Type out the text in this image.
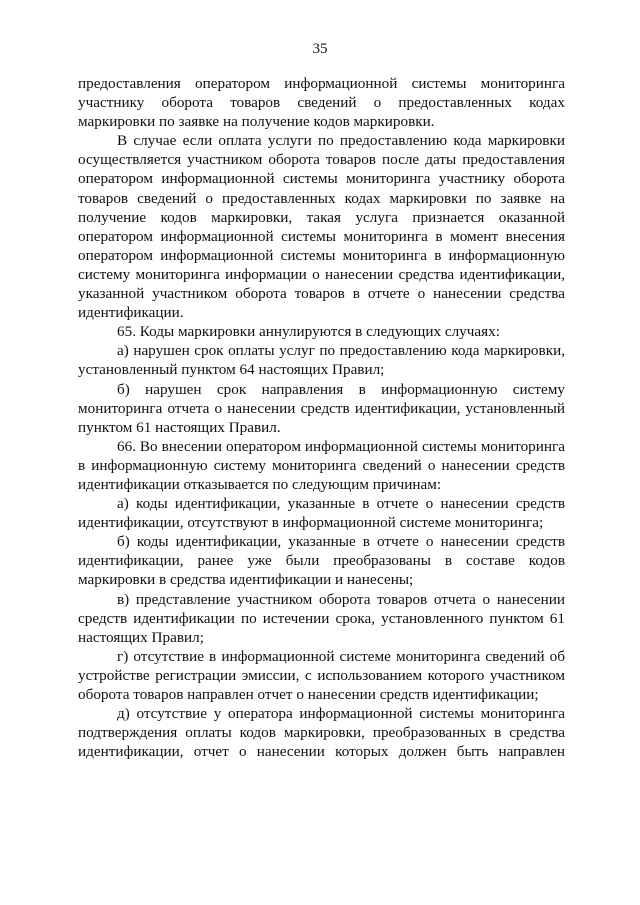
35

предоставления оператором информационной системы мониторинга участнику оборота товаров сведений о предоставленных кодах маркировки по заявке на получение кодов маркировки.

В случае если оплата услуги по предоставлению кода маркировки осуществляется участником оборота товаров после даты предоставления оператором информационной системы мониторинга участнику оборота товаров сведений о предоставленных кодах маркировки по заявке на получение кодов маркировки, такая услуга признается оказанной оператором информационной системы мониторинга в момент внесения оператором информационной системы мониторинга в информационную систему мониторинга информации о нанесении средства идентификации, указанной участником оборота товаров в отчете о нанесении средства идентификации.

65. Коды маркировки аннулируются в следующих случаях:

а) нарушен срок оплаты услуг по предоставлению кода маркировки, установленный пунктом 64 настоящих Правил;

б) нарушен срок направления в информационную систему мониторинга отчета о нанесении средств идентификации, установленный пунктом 61 настоящих Правил.

66. Во внесении оператором информационной системы мониторинга в информационную систему мониторинга сведений о нанесении средств идентификации отказывается по следующим причинам:

а) коды идентификации, указанные в отчете о нанесении средств идентификации, отсутствуют в информационной системе мониторинга;

б) коды идентификации, указанные в отчете о нанесении средств идентификации, ранее уже были преобразованы в составе кодов маркировки в средства идентификации и нанесены;

в) представление участником оборота товаров отчета о нанесении средств идентификации по истечении срока, установленного пунктом 61 настоящих Правил;

г) отсутствие в информационной системе мониторинга сведений об устройстве регистрации эмиссии, с использованием которого участником оборота товаров направлен отчет о нанесении средств идентификации;

д) отсутствие у оператора информационной системы мониторинга подтверждения оплаты кодов маркировки, преобразованных в средства идентификации, отчет о нанесении которых должен быть направлен
